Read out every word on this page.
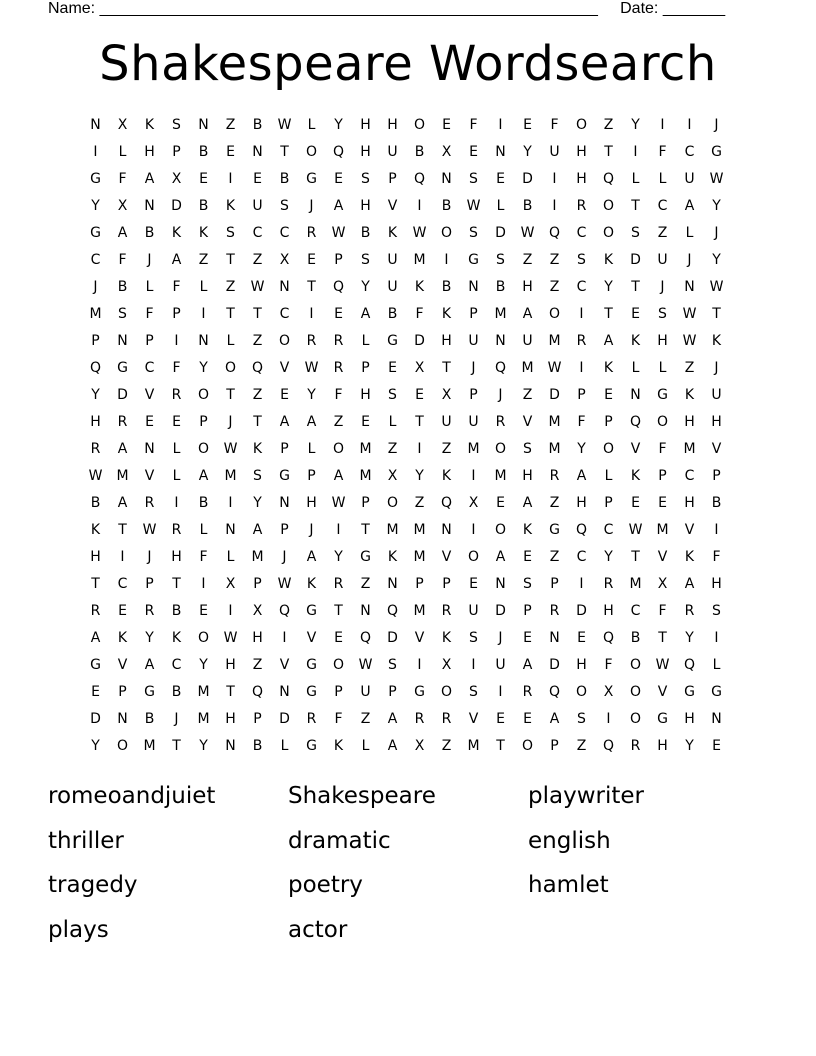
Name: ________________________________________________________ Date: _______
Shakespeare Wordsearch
N	X	K	S	N	Z	B	W	L	Y	H	H	O	E	F	I	E	F	O	Z	Y	I	I	J
I	L	H	P	B	E	N	T	O	Q	H	U	B	X	E	N	Y	U	H	T	I	F	C	G
G	F	A	X	E	I	E	B	G	E	S	P	Q	N	S	E	D	I	H	Q	L	L	U	W
Y	X	N	D	B	K	U	S	J	A	H	V	I	B	W	L	B	I	R	O	T	C	A	Y
G	A	B	K	K	S	C	C	R	W	B	K	W	O	S	D	W	Q	C	O	S	Z	L	J
C	F	J	A	Z	T	Z	X	E	P	S	U	M	I	G	S	Z	Z	S	K	D	U	J	Y
J	B	L	F	L	Z	W	N	T	Q	Y	U	K	B	N	B	H	Z	C	Y	T	J	N	W
M	S	F	P	I	T	T	C	I	E	A	B	F	K	P	M	A	O	I	T	E	S	W	T
P	N	P	I	N	L	Z	O	R	R	L	G	D	H	U	N	U	M	R	A	K	H	W	K
Q	G	C	F	Y	O	Q	V	W	R	P	E	X	T	J	Q	M	W	I	K	L	L	Z	J
Y	D	V	R	O	T	Z	E	Y	F	H	S	E	X	P	J	Z	D	P	E	N	G	K	U
H	R	E	E	P	J	T	A	A	Z	E	L	T	U	U	R	V	M	F	P	Q	O	H	H
R	A	N	L	O	W	K	P	L	O	M	Z	I	Z	M	O	S	M	Y	O	V	F	M	V
W	M	V	L	A	M	S	G	P	A	M	X	Y	K	I	M	H	R	A	L	K	P	C	P
B	A	R	I	B	I	Y	N	H	W	P	O	Z	Q	X	E	A	Z	H	P	E	E	H	B
K	T	W	R	L	N	A	P	J	I	T	M	M	N	I	O	K	G	Q	C	W	M	V	I
H	I	J	H	F	L	M	J	A	Y	G	K	M	V	O	A	E	Z	C	Y	T	V	K	F
T	C	P	T	I	X	P	W	K	R	Z	N	P	P	E	N	S	P	I	R	M	X	A	H
R	E	R	B	E	I	X	Q	G	T	N	Q	M	R	U	D	P	R	D	H	C	F	R	S
A	K	Y	K	O	W	H	I	V	E	Q	D	V	K	S	J	E	N	E	Q	B	T	Y	I
G	V	A	C	Y	H	Z	V	G	O	W	S	I	X	I	U	A	D	H	F	O	W	Q	L
E	P	G	B	M	T	Q	N	G	P	U	P	G	O	S	I	R	Q	O	X	O	V	G	G
D	N	B	J	M	H	P	D	R	F	Z	A	R	R	V	E	E	A	S	I	O	G	H	N
Y	O	M	T	Y	N	B	L	G	K	L	A	X	Z	M	T	O	P	Z	Q	R	H	Y	E
romeoandjuiet	Shakespeare	playwriter
thriller	dramatic	english
tragedy	poetry	hamlet
plays	actor
